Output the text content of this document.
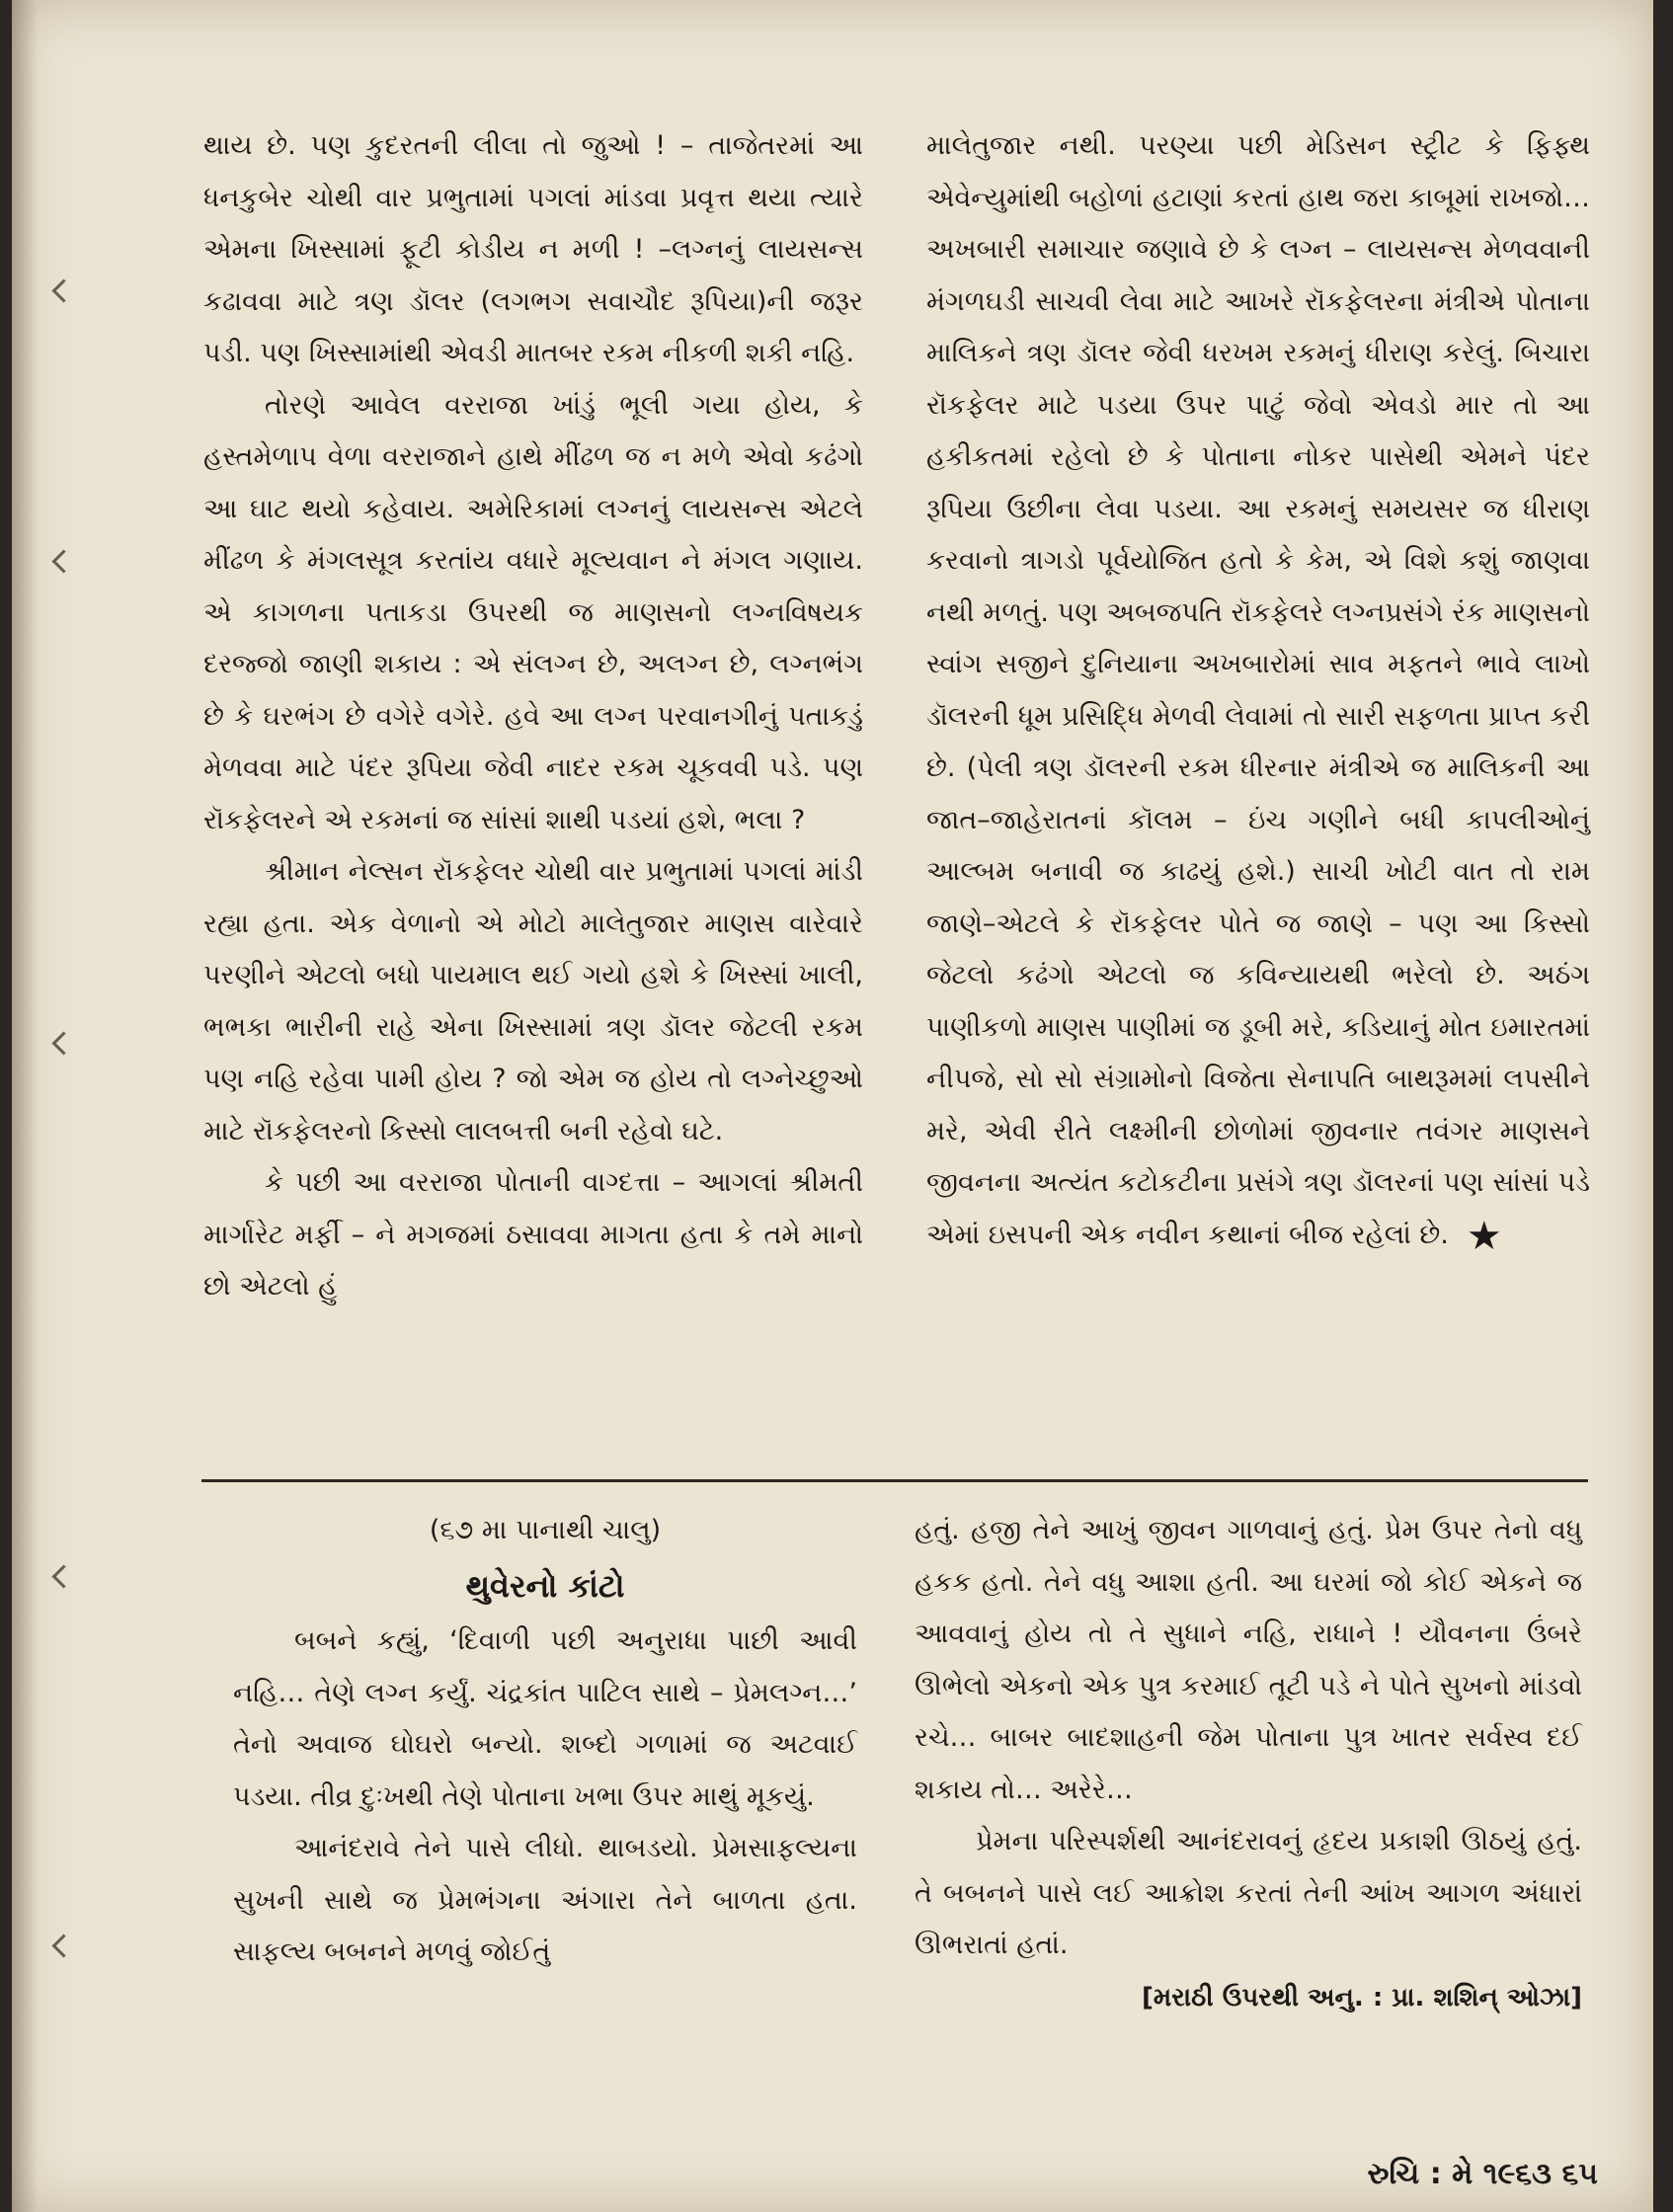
થાય છે. પણ કુદરતની લીલા તો જુઓ ! – તાજેતરમાં આ ધનકુબેર ચોથી વાર પ્રભુતામાં પગલાં માંડવા પ્રવૃત્ત થયા ત્યારે એમના ખિસ્સામાં ફૂટી કોડીય ન મળી ! –લગ્નનું લાયસન્સ કઢાવવા માટે ત્રણ ડૉલર (લગભગ સવાચૌદ રૂપિયા)ની જરૂર પડી. પણ ખિસ્સામાંથી એવડી માતબર રકમ નીકળી શકી નહિ.

તોરણે આવેલ વરરાજા ખાંડું ભૂલી ગયા હોય, કે હસ્તમેળાપ વેળા વરરાજાને હાથે મીંઢળ જ ન મળે એવો કઢંગો આ ઘાટ થયો કહેવાય. અમેરિકામાં લગ્નનું લાયસન્સ એટલે મીંઢળ કે મંગલસૂત્ર કરતાંય વધારે મૂલ્યવાન ને મંગલ ગણાય. એ કાગળના પતાકડા ઉપરથી જ માણસનો લગ્નવિષયક દરજ્જો જાણી શકાય : એ સંલગ્ન છે, અલગ્ન છે, લગ્નભંગ છે કે ઘરભંગ છે વગેરે વગેરે. હવે આ લગ્ન પરવાનગીનું પતાકડું મેળવવા માટે પંદર રૂપિયા જેવી નાદર રકમ ચૂકવવી પડે. પણ રૉકફેલરને એ રકમનાં જ સાંસાં શાથી પડયાં હશે, ભલા ?

શ્રીમાન નેલ્સન રૉકફેલર ચોથી વાર પ્રભુતામાં પગલાં માંડી રહ્યા હતા. એક વેળાનો એ મોટો માલેતુજાર માણસ વારેવારે પરણીને એટલો બધો પાયમાલ થઈ ગયો હશે કે ખિસ્સાં ખાલી, ભભકા ભારીની રાહે એના ખિસ્સામાં ત્રણ ડૉલર જેટલી રકમ પણ નહિ રહેવા પામી હોય ? જો એમ જ હોય તો લગ્નેચ્છુઓ માટે રૉકફેલરનો કિસ્સો લાલબત્તી બની રહેવો ઘટે.

કે પછી આ વરરાજા પોતાની વાગ્દત્તા – આગલાં શ્રીમતી માર્ગારેટ મર્ફી – ને મગજમાં ઠસાવવા માગતા હતા કે તમે માનો છો એટલો હું

માલેતુજાર નથી. પરણ્યા પછી મેડિસન સ્ટ્રીટ કે ફિફ્થ એવેન્યુમાંથી બહોળાં હટાણાં કરતાં હાથ જરા કાબૂમાં રાખજો… અખબારી સમાચાર જણાવે છે કે લગ્ન – લાયસન્સ મેળવવાની મંગળઘડી સાચવી લેવા માટે આખરે રૉકફેલરના મંત્રીએ પોતાના માલિકને ત્રણ ડૉલર જેવી ધરખમ રકમનું ધીરાણ કરેલું. બિચારા રૉકફેલર માટે પડયા ઉપર પાટું જેવો એવડો માર તો આ હકીકતમાં રહેલો છે કે પોતાના નોકર પાસેથી એમને પંદર રૂપિયા ઉછીના લેવા પડયા. આ રકમનું સમયસર જ ધીરાણ કરવાનો ત્રાગડો પૂર્વયોજિત હતો કે કેમ, એ વિશે કશું જાણવા નથી મળતું. પણ અબજપતિ રૉકફેલરે લગ્નપ્રસંગે રંક માણસનો સ્વાંગ સજીને દુનિયાના અખબારોમાં સાવ મફતને ભાવે લાખો ડૉલરની ધૂમ પ્રસિદ્ધિ મેળવી લેવામાં તો સારી સફળતા પ્રાપ્ત કરી છે. (પેલી ત્રણ ડૉલરની રકમ ધીરનાર મંત્રીએ જ માલિકની આ જાત–જાહેરાતનાં કૉલમ – ઇંચ ગણીને બધી કાપલીઓનું આલ્બમ બનાવી જ કાઢયું હશે.) સાચી ખોટી વાત તો રામ જાણે–એટલે કે રૉકફેલર પોતે જ જાણે – પણ આ કિસ્સો જેટલો કઢંગો એટલો જ કવિન્યાયથી ભરેલો છે. અઠંગ પાણીકળો માણસ પાણીમાં જ ડૂબી મરે, કડિયાનું મોત ઇમારતમાં નીપજે, સો સો સંગ્રામોનો વિજેતા સેનાપતિ બાથરૂમમાં લપસીને મરે, એવી રીતે લક્ષ્મીની છોળોમાં જીવનાર તવંગર માણસને જીવનના અત્યંત કટોકટીના પ્રસંગે ત્રણ ડૉલરનાં પણ સાંસાં પડે એમાં ઇસપની એક નવીન કથાનાં બીજ રહેલાં છે. ★

(૬૭ મા પાનાથી ચાલુ)
થુવેરનો કાંટો

બબને કહ્યું, ‘દિવાળી પછી અનુરાધા પાછી આવી નહિ… તેણે લગ્ન કર્યું. ચંદ્રકાંત પાટિલ સાથે – પ્રેમલગ્ન…’ તેનો અવાજ ઘોઘરો બન્યો. શબ્દો ગળામાં જ અટવાઈ પડયા. તીવ્ર દુઃખથી તેણે પોતાના ખભા ઉપર માથું મૂકયું.

આનંદરાવે તેને પાસે લીધો. થાબડયો. પ્રેમસાફલ્યના સુખની સાથે જ પ્રેમભંગના અંગારા તેને બાળતા હતા. સાફલ્ય બબનને મળવું જોઈતું

હતું. હજી તેને આખું જીવન ગાળવાનું હતું. પ્રેમ ઉપર તેનો વધુ હકક હતો. તેને વધુ આશા હતી. આ ઘરમાં જો કોઈ એકને જ આવવાનું હોય તો તે સુધાને નહિ, રાધાને ! યૌવનના ઉંબરે ઊભેલો એકનો એક પુત્ર કરમાઈ તૂટી પડે ને પોતે સુખનો માંડવો રચે… બાબર બાદશાહની જેમ પોતાના પુત્ર ખાતર સર્વસ્વ દઈ શકાય તો… અરેરે…

પ્રેમના પરિસ્પર્શથી આનંદરાવનું હૃદય પ્રકાશી ઊઠયું હતું. તે બબનને પાસે લઈ આક્રોશ કરતાં તેની આંખ આગળ અંધારાં ઊભરાતાં હતાં.

[મરાઠી ઉપરથી અનુ. : પ્રા. શશિન્ ઓઝા]

રુચિ : મે ૧૯૬૩ ૬૫
